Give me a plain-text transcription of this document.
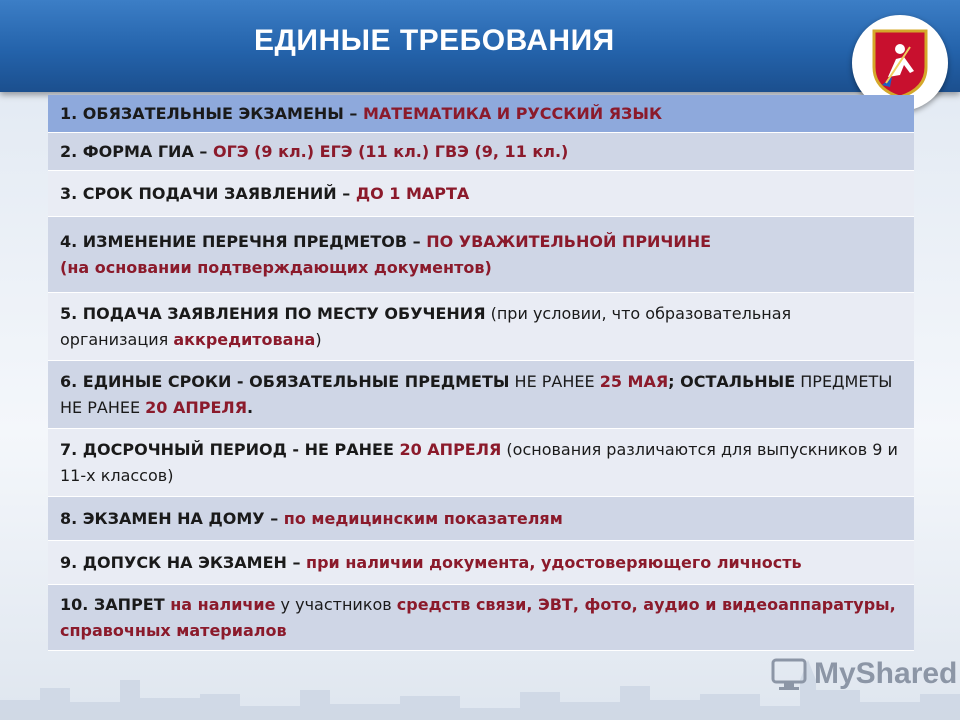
ЕДИНЫЕ ТРЕБОВАНИЯ
1. ОБЯЗАТЕЛЬНЫЕ ЭКЗАМЕНЫ – МАТЕМАТИКА И РУССКИЙ ЯЗЫК
2. ФОРМА ГИА – ОГЭ (9 кл.) ЕГЭ (11 кл.) ГВЭ (9, 11 кл.)
3. СРОК ПОДАЧИ ЗАЯВЛЕНИЙ – ДО 1 МАРТА
4. ИЗМЕНЕНИЕ ПЕРЕЧНЯ ПРЕДМЕТОВ – ПО УВАЖИТЕЛЬНОЙ ПРИЧИНЕ
(на основании подтверждающих документов)
5. ПОДАЧА ЗАЯВЛЕНИЯ ПО МЕСТУ ОБУЧЕНИЯ (при условии, что образовательная организация аккредитована)
6. ЕДИНЫЕ СРОКИ - ОБЯЗАТЕЛЬНЫЕ ПРЕДМЕТЫ НЕ РАНЕЕ 25 МАЯ; ОСТАЛЬНЫЕ ПРЕДМЕТЫ НЕ РАНЕЕ 20 АПРЕЛЯ.
7. ДОСРОЧНЫЙ ПЕРИОД - НЕ РАНЕЕ 20 АПРЕЛЯ (основания различаются для выпускников 9 и 11-х классов)
8. ЭКЗАМЕН НА ДОМУ – по медицинским показателям
9. ДОПУСК НА ЭКЗАМЕН – при наличии документа, удостоверяющего личность
10. ЗАПРЕТ на наличие у участников средств связи, ЭВТ, фото, аудио и видеоаппаратуры, справочных материалов
MyShared
